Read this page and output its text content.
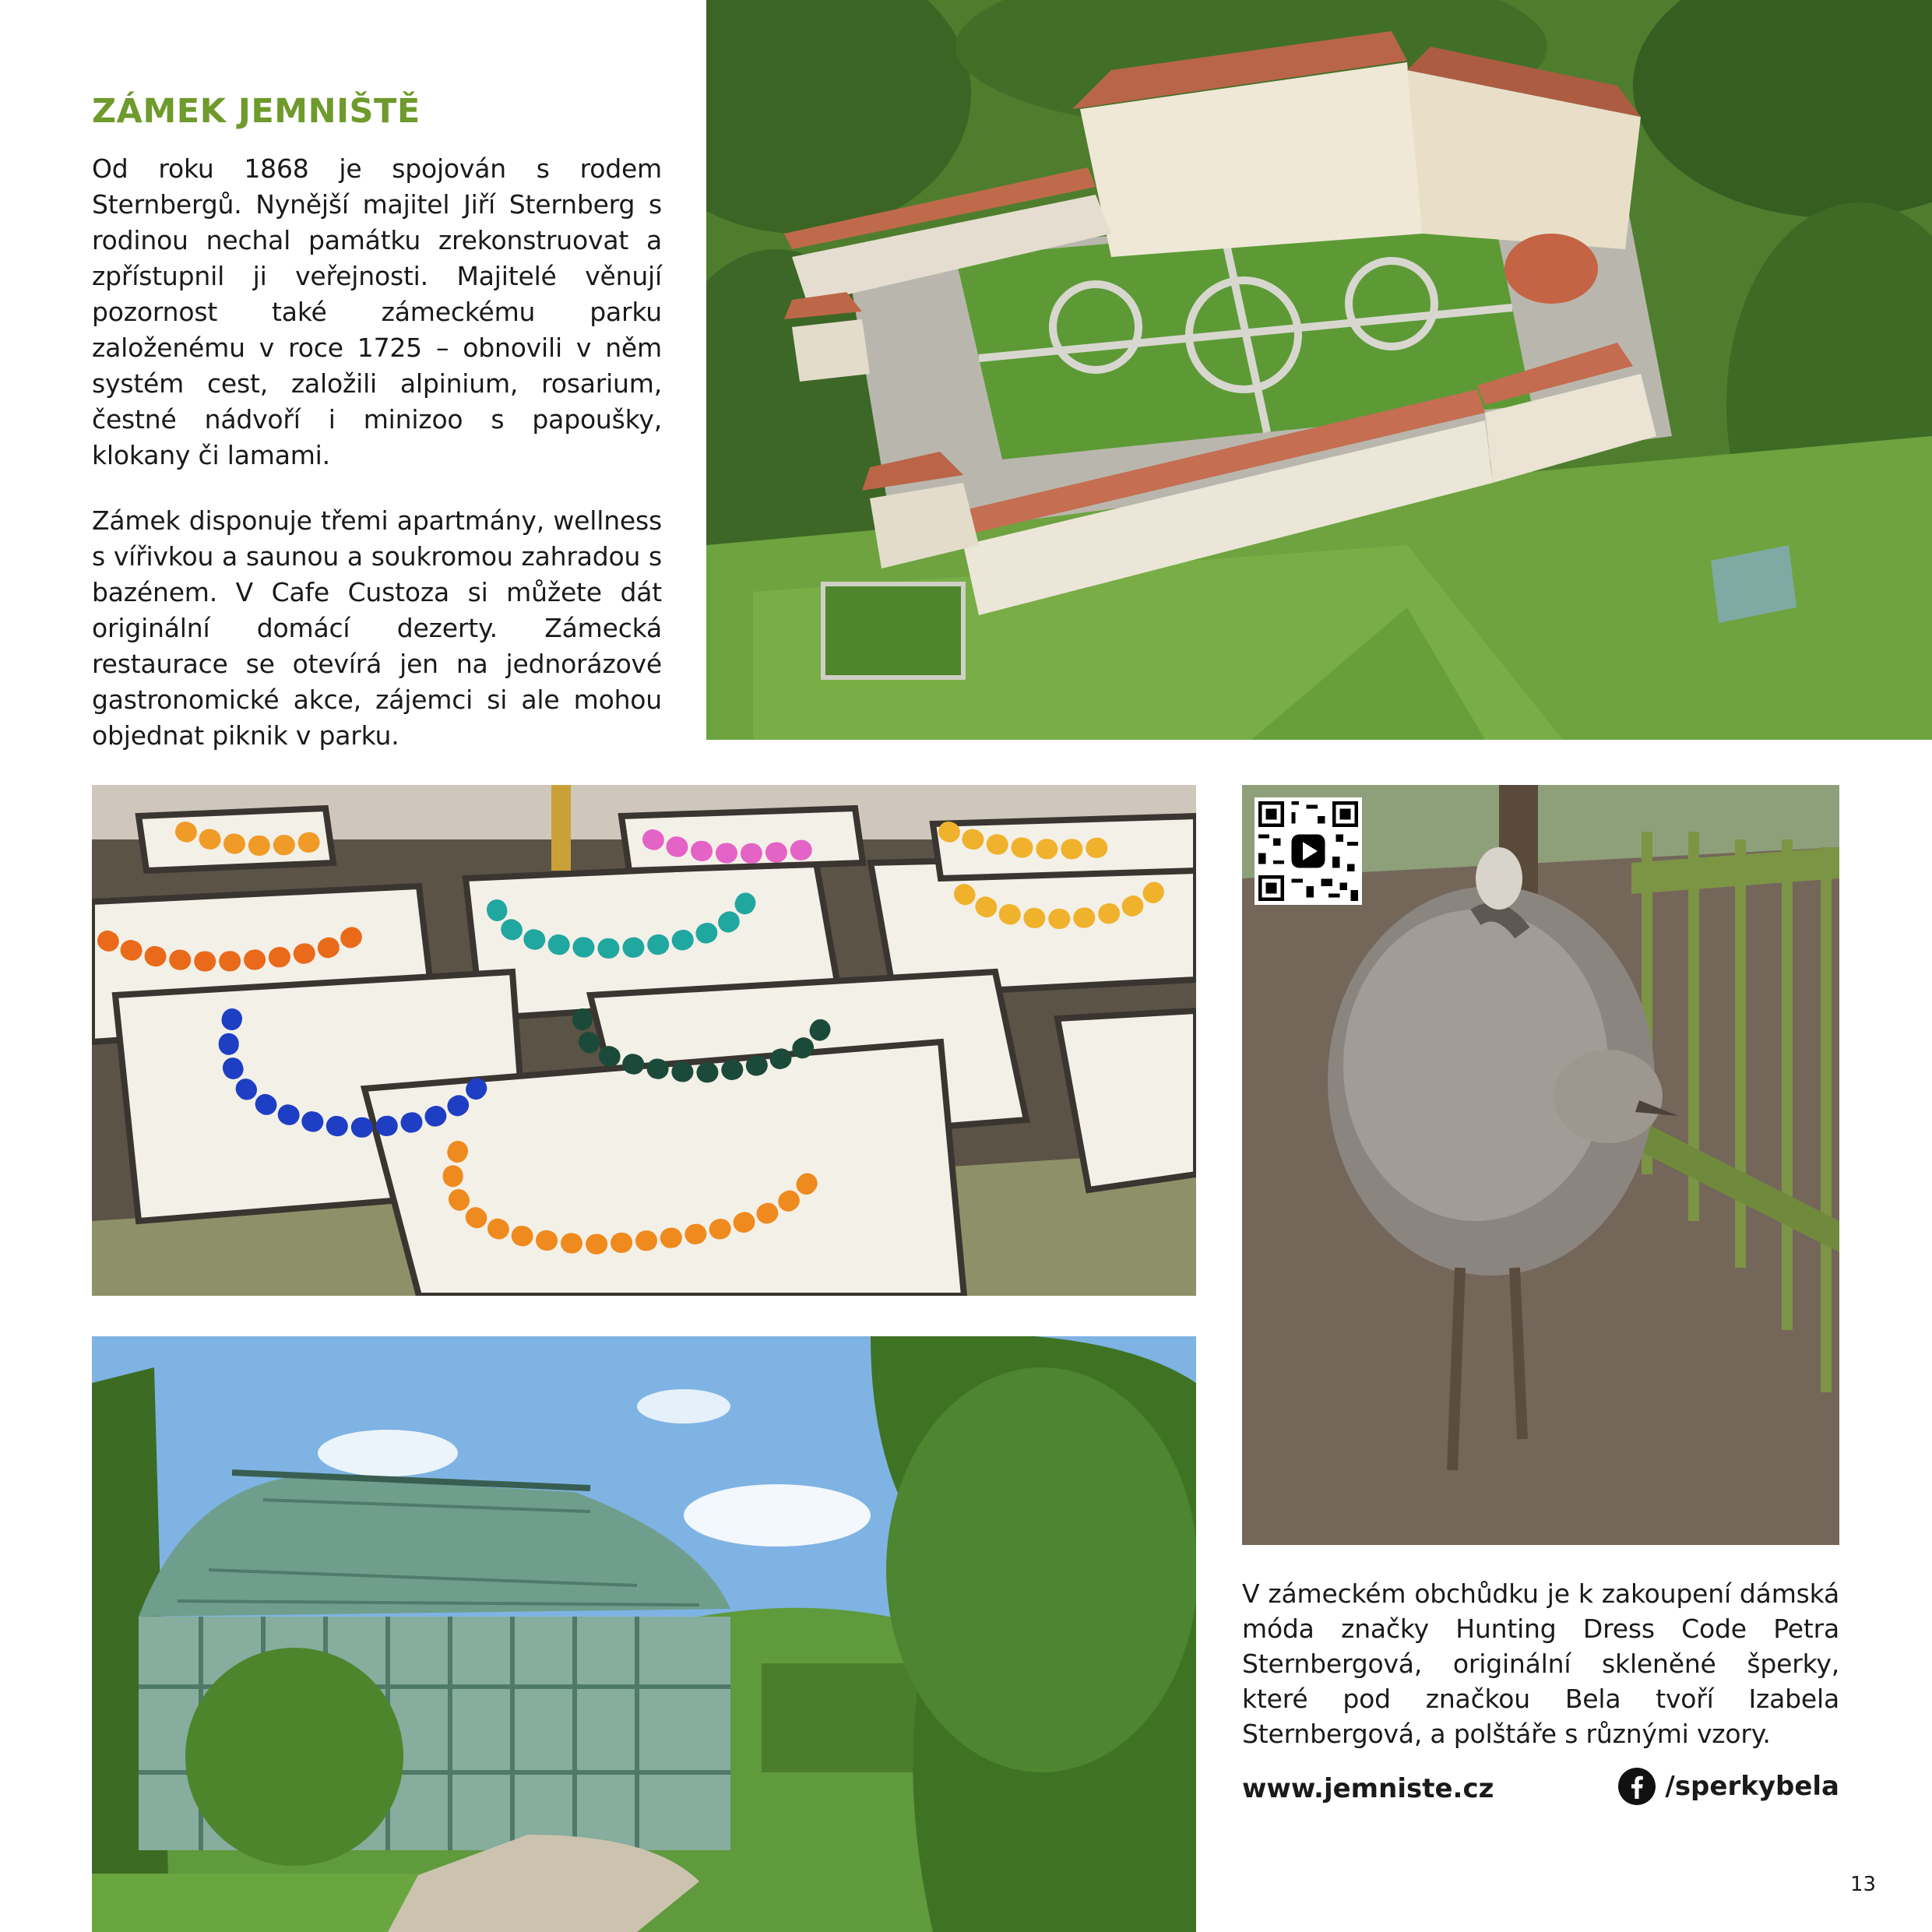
ZÁMEK JEMNIŠTĚ

Od roku 1868 je spojován s rodem Sternbergů. Nynější majitel Jiří Sternberg s rodinou nechal památku zrekonstruovat a zpřístupnil ji veřejnosti. Majitelé věnují pozornost také zámeckému parku založenému v roce 1725 – obnovili v něm systém cest, založili alpinium, rosarium, čestné nádvoří i minizoo s papoušky, klokany či lamami.

Zámek disponuje třemi apartmány, wellness s vířivkou a saunou a soukromou zahradou s bazénem. V Cafe Custoza si můžete dát originální domácí dezerty. Zámecká restaurace se otevírá jen na jednorázové gastronomické akce, zájemci si ale mohou objednat piknik v parku.

V zámeckém obchůdku je k zakoupení dámská móda značky Hunting Dress Code Petra Sternbergová, originální skleněné šperky, které pod značkou Bela tvoří Izabela Sternbergová, a polštáře s různými vzory.

www.jemniste.cz	/sperkybela
13
